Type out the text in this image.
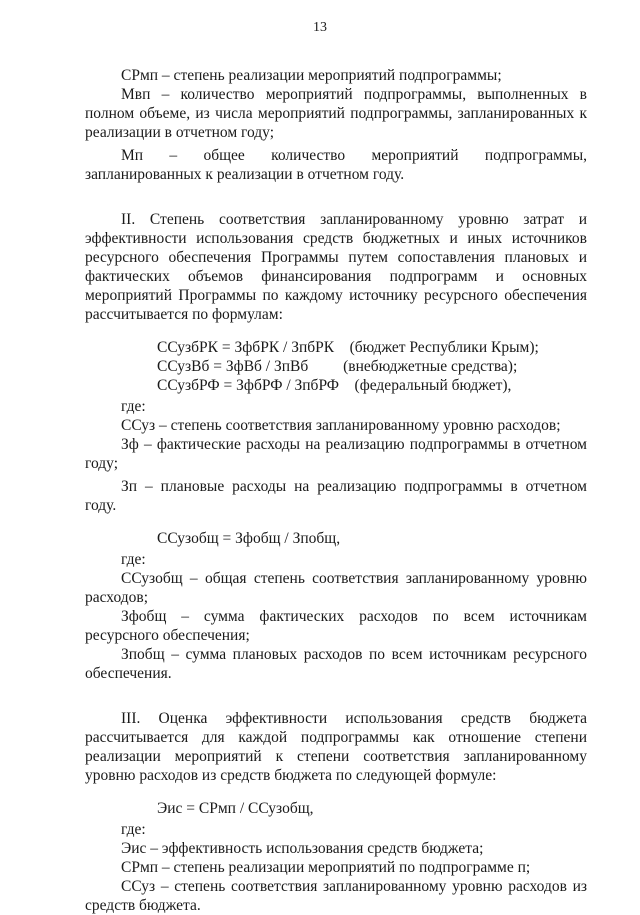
13

СРмп – степень реализации мероприятий подпрограммы;

Мвп – количество мероприятий подпрограммы, выполненных в полном объеме, из числа мероприятий подпрограммы, запланированных к реализации в отчетном году;

Мп – общее количество мероприятий подпрограммы, запланированных к реализации в отчетном году.

II. Степень соответствия запланированному уровню затрат и эффективности использования средств бюджетных и иных источников ресурсного обеспечения Программы путем сопоставления плановых и фактических объемов финансирования подпрограмм и основных мероприятий Программы по каждому источнику ресурсного обеспечения рассчитывается по формулам:

ССузбРК = ЗфбРК / ЗпбРК    (бюджет Республики Крым);

ССузВб = ЗфВб / ЗпВб         (внебюджетные средства);

ССузбРФ = ЗфбРФ / ЗпбРФ    (федеральный бюджет),

где:

ССуз – степень соответствия запланированному уровню расходов;

Зф – фактические расходы на реализацию подпрограммы в отчетном году;

Зп – плановые расходы на реализацию подпрограммы в отчетном году.

ССузобщ = Зфобщ / Зпобщ,

где:

ССузобщ – общая степень соответствия запланированному уровню расходов;

Зфобщ – сумма фактических расходов по всем источникам ресурсного обеспечения;

Зпобщ – сумма плановых расходов по всем источникам ресурсного обеспечения.

III. Оценка эффективности использования средств бюджета рассчитывается для каждой подпрограммы как отношение степени реализации мероприятий к степени соответствия запланированному уровню расходов из средств бюджета по следующей формуле:

Эис = СРмп / ССузобщ,

где:

Эис – эффективность использования средств бюджета;

СРмп – степень реализации мероприятий по подпрограмме п;

ССуз – степень соответствия запланированному уровню расходов из средств бюджета.
